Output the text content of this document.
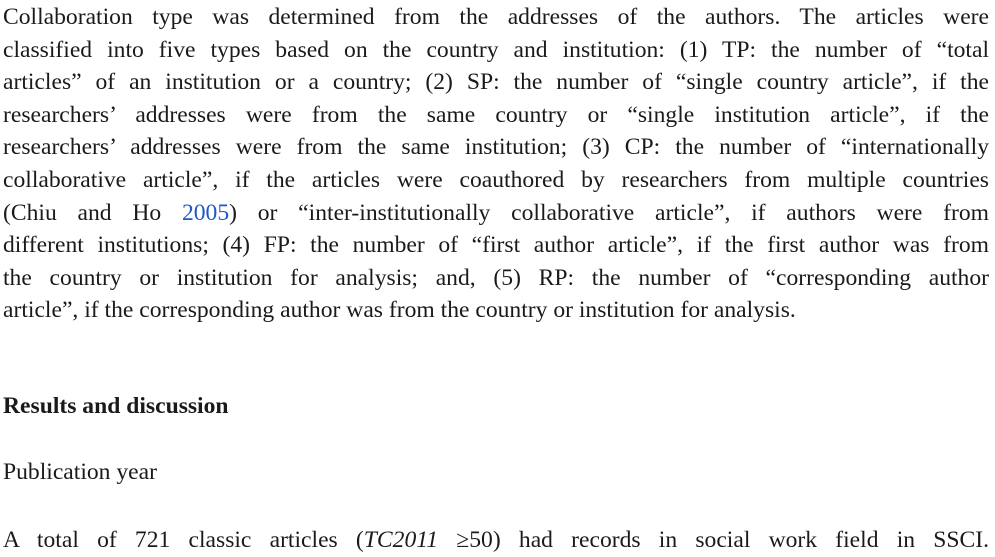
Collaboration type was determined from the addresses of the authors. The articles were
classified into five types based on the country and institution: (1) TP: the number of “total
articles” of an institution or a country; (2) SP: the number of “single country article”, if the
researchers’ addresses were from the same country or “single institution article”, if the
researchers’ addresses were from the same institution; (3) CP: the number of “internationally
collaborative article”, if the articles were coauthored by researchers from multiple countries
(Chiu and Ho 2005) or “inter-institutionally collaborative article”, if authors were from
different institutions; (4) FP: the number of “first author article”, if the first author was from
the country or institution for analysis; and, (5) RP: the number of “corresponding author
article”, if the corresponding author was from the country or institution for analysis.
Results and discussion
Publication year

A total of 721 classic articles (TC2011 ≥50) had records in social work field in SSCI.
